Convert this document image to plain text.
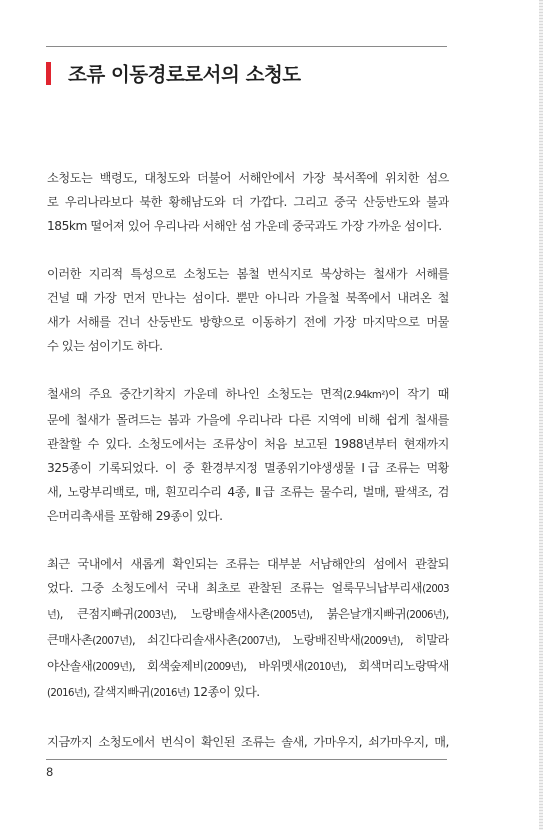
조류 이동경로로서의 소청도

소청도는 백령도, 대청도와 더불어 서해안에서 가장 북서쪽에 위치한 섬으
로 우리나라보다 북한 황해남도와 더 가깝다. 그리고 중국 산둥반도와 불과
185km 떨어져 있어 우리나라 서해안 섬 가운데 중국과도 가장 가까운 섬이다.

이러한 지리적 특성으로 소청도는 봄철 번식지로 북상하는 철새가 서해를
건널 때 가장 먼저 만나는 섬이다. 뿐만 아니라 가을철 북쪽에서 내려온 철
새가 서해를 건너 산둥반도 방향으로 이동하기 전에 가장 마지막으로 머물
수 있는 섬이기도 하다.

철새의 주요 중간기착지 가운데 하나인 소청도는 면적(2.94km²)이 작기 때
문에 철새가 몰려드는 봄과 가을에 우리나라 다른 지역에 비해 쉽게 철새를
관찰할 수 있다. 소청도에서는 조류상이 처음 보고된 1988년부터 현재까지
325종이 기록되었다. 이 중 환경부지정 멸종위기야생생물 Ⅰ급 조류는 먹황
새, 노랑부리백로, 매, 흰꼬리수리 4종, Ⅱ급 조류는 물수리, 벌매, 팔색조, 검
은머리촉새를 포함해 29종이 있다.

최근 국내에서 새롭게 확인되는 조류는 대부분 서남해안의 섬에서 관찰되
었다. 그중 소청도에서 국내 최초로 관찰된 조류는 얼룩무늬납부리새(2003
년), 큰점지빠귀(2003년), 노랑배솔새사촌(2005년), 붉은날개지빠귀(2006년),
큰매사촌(2007년), 쇠긴다리솔새사촌(2007년), 노랑배진박새(2009년), 히말라
야산솔새(2009년), 회색숲제비(2009년), 바위멧새(2010년), 회색머리노랑딱새
(2016년), 갈색지빠귀(2016년) 12종이 있다.

지금까지 소청도에서 번식이 확인된 조류는 솔새, 가마우지, 쇠가마우지, 매,

8
